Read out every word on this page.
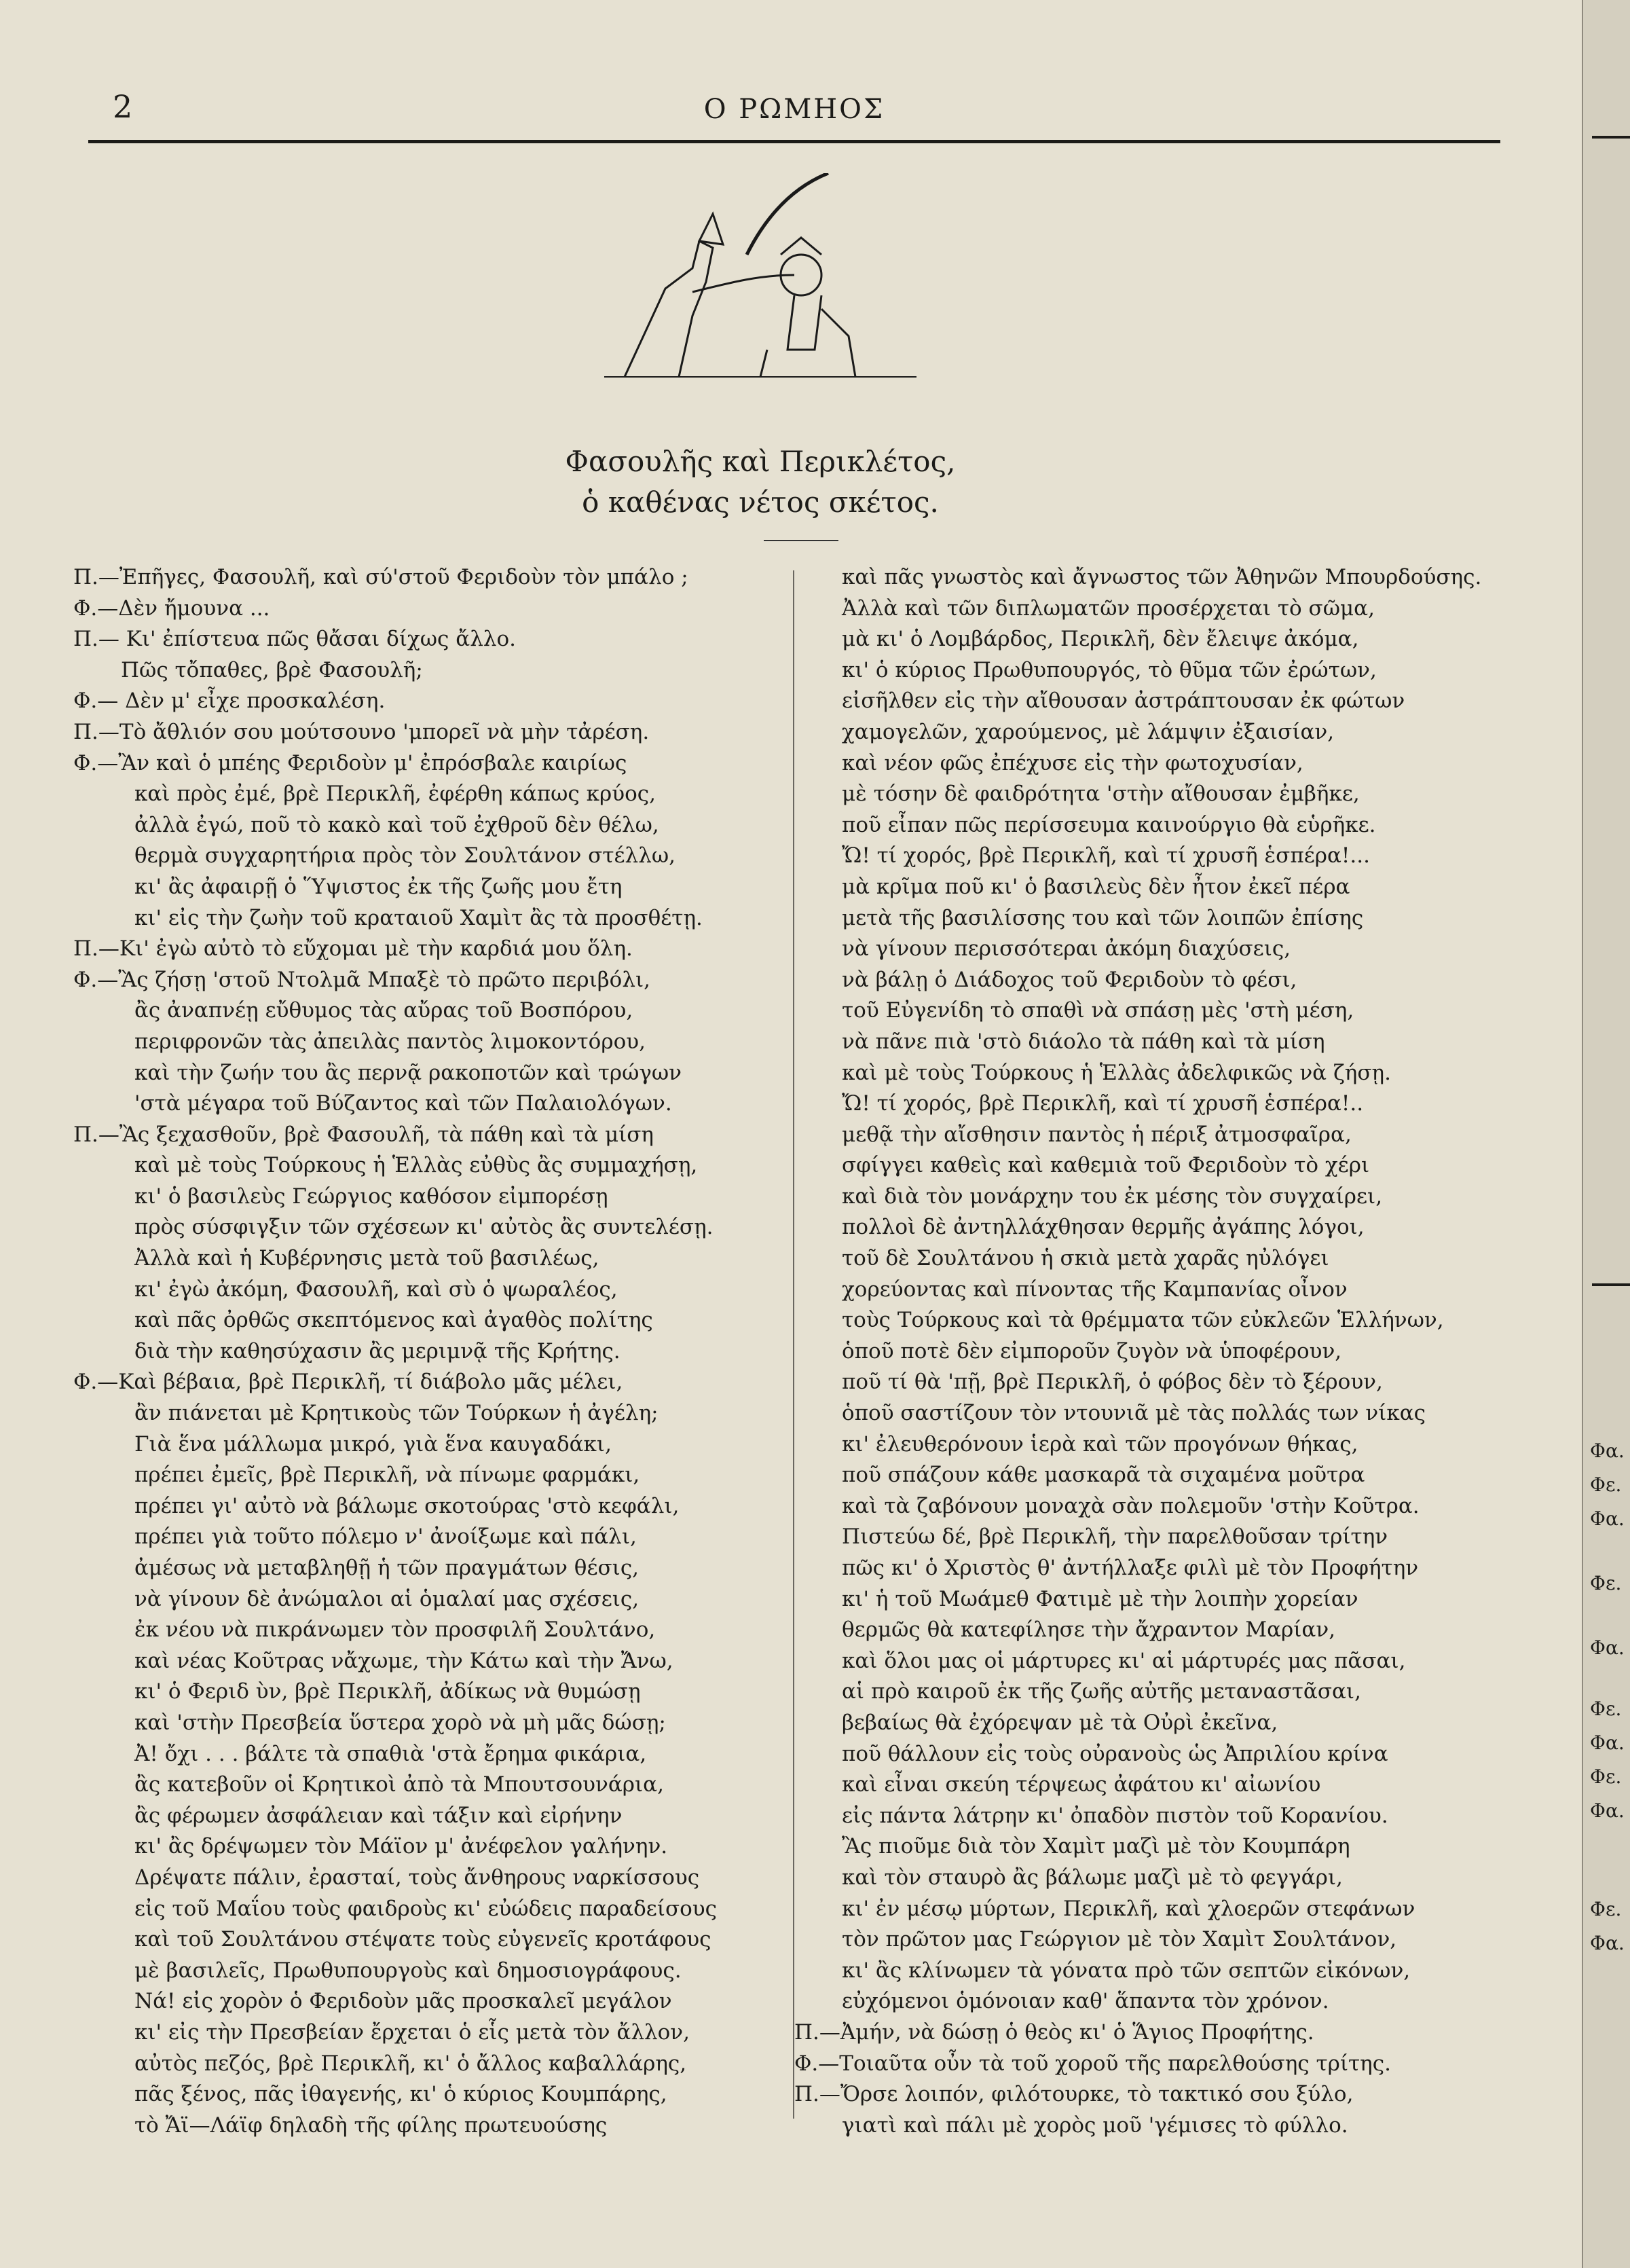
2	Ο ΡΩΜΗΟΣ
Φασουλῆς καὶ Περικλέτος,
ὁ καθένας νέτος σκέτος.
Π.—Ἐπῆγες, Φασουλῆ, καὶ σύ'στοῦ Φεριδοὺν τὸν μπάλο ;
Φ.—Δὲν ἤμουνα ...
Π.— Κι' ἐπίστευα πῶς θἄσαι δίχως ἄλλο.
Πῶς τὄπαθες, βρὲ Φασουλῆ;
Φ.— Δὲν μ' εἶχε προσκαλέση.
Π.—Τὸ ἄθλιόν σου μούτσουνο 'μπορεῖ νὰ μὴν τἀρέση.
Φ.—Ἂν καὶ ὁ μπέης Φεριδοὺν μ' ἐπρόσβαλε καιρίως
καὶ πρὸς ἐμέ, βρὲ Περικλῆ, ἐφέρθη κάπως κρύος,
ἀλλὰ ἐγώ, ποῦ τὸ κακὸ καὶ τοῦ ἐχθροῦ δὲν θέλω,
θερμὰ συγχαρητήρια πρὸς τὸν Σουλτάνον στέλλω,
κι' ἂς ἀφαιρῇ ὁ Ὕψιστος ἐκ τῆς ζωῆς μου ἔτη
κι' εἰς τὴν ζωὴν τοῦ κραταιοῦ Χαμὶτ ἂς τὰ προσθέτῃ.
Π.—Κι' ἐγὼ αὐτὸ τὸ εὔχομαι μὲ τὴν καρδιά μου ὅλη.
Φ.—Ἂς ζήσῃ 'στοῦ Ντολμᾶ Μπαξὲ τὸ πρῶτο περιβόλι,
ἂς ἀναπνέῃ εὔθυμος τὰς αὔρας τοῦ Βοσπόρου,
περιφρονῶν τὰς ἀπειλὰς παντὸς λιμοκοντόρου,
καὶ τὴν ζωήν του ἂς περνᾷ ρακοποτῶν καὶ τρώγων
'στὰ μέγαρα τοῦ Βύζαντος καὶ τῶν Παλαιολόγων.
Π.—Ἂς ξεχασθοῦν, βρὲ Φασουλῆ, τὰ πάθη καὶ τὰ μίση
καὶ μὲ τοὺς Τούρκους ἡ Ἑλλὰς εὐθὺς ἂς συμμαχήσῃ,
κι' ὁ βασιλεὺς Γεώργιος καθόσον εἰμπορέσῃ
πρὸς σύσφιγξιν τῶν σχέσεων κι' αὐτὸς ἂς συντελέσῃ.
Ἀλλὰ καὶ ἡ Κυβέρνησις μετὰ τοῦ βασιλέως,
κι' ἐγὼ ἀκόμη, Φασουλῆ, καὶ σὺ ὁ ψωραλέος,
καὶ πᾶς ὀρθῶς σκεπτόμενος καὶ ἀγαθὸς πολίτης
διὰ τὴν καθησύχασιν ἂς μεριμνᾷ τῆς Κρήτης.
Φ.—Καὶ βέβαια, βρὲ Περικλῆ, τί διάβολο μᾶς μέλει,
ἂν πιάνεται μὲ Κρητικοὺς τῶν Τούρκων ἡ ἀγέλη;
Γιὰ ἕνα μάλλωμα μικρό, γιὰ ἕνα καυγαδάκι,
πρέπει ἐμεῖς, βρὲ Περικλῆ, νὰ πίνωμε φαρμάκι,
πρέπει γι' αὐτὸ νὰ βάλωμε σκοτούρας 'στὸ κεφάλι,
πρέπει γιὰ τοῦτο πόλεμο ν' ἀνοίξωμε καὶ πάλι,
ἀμέσως νὰ μεταβληθῇ ἡ τῶν πραγμάτων θέσις,
νὰ γίνουν δὲ ἀνώμαλοι αἱ ὁμαλαί μας σχέσεις,
ἐκ νέου νὰ πικράνωμεν τὸν προσφιλῆ Σουλτάνο,
καὶ νέας Κοῦτρας νἄχωμε, τὴν Κάτω καὶ τὴν Ἄνω,
κι' ὁ Φεριδ ὺν, βρὲ Περικλῆ, ἀδίκως νὰ θυμώσῃ
καὶ 'στὴν Πρεσβεία ὕστερα χορὸ νὰ μὴ μᾶς δώσῃ;
Ἀ! ὄχι . . . βάλτε τὰ σπαθιὰ 'στὰ ἔρημα φικάρια,
ἂς κατεβοῦν οἱ Κρητικοὶ ἀπὸ τὰ Μπουτσουνάρια,
ἂς φέρωμεν ἀσφάλειαν καὶ τάξιν καὶ εἰρήνην
κι' ἂς δρέψωμεν τὸν Μάϊον μ' ἀνέφελον γαλήνην.
Δρέψατε πάλιν, ἐρασταί, τοὺς ἄνθηρους ναρκίσσους
εἰς τοῦ Μαΐου τοὺς φαιδροὺς κι' εὐώδεις παραδείσους
καὶ τοῦ Σουλτάνου στέψατε τοὺς εὐγενεῖς κροτάφους
μὲ βασιλεῖς, Πρωθυπουργοὺς καὶ δημοσιογράφους.
Νά! εἰς χορὸν ὁ Φεριδοὺν μᾶς προσκαλεῖ μεγάλον
κι' εἰς τὴν Πρεσβείαν ἔρχεται ὁ εἷς μετὰ τὸν ἄλλον,
αὐτὸς πεζός, βρὲ Περικλῆ, κι' ὁ ἄλλος καβαλλάρης,
πᾶς ξένος, πᾶς ἰθαγενής, κι' ὁ κύριος Κουμπάρης,
τὸ Ἄϊ—Λάϊφ δηλαδὴ τῆς φίλης πρωτευούσης
καὶ πᾶς γνωστὸς καὶ ἄγνωστος τῶν Ἀθηνῶν Μπουρδούσης.
Ἀλλὰ καὶ τῶν διπλωματῶν προσέρχεται τὸ σῶμα,
μὰ κι' ὁ Λομβάρδος, Περικλῆ, δὲν ἔλειψε ἀκόμα,
κι' ὁ κύριος Πρωθυπουργός, τὸ θῦμα τῶν ἐρώτων,
εἰσῆλθεν εἰς τὴν αἴθουσαν ἀστράπτουσαν ἐκ φώτων
χαμογελῶν, χαρούμενος, μὲ λάμψιν ἐξαισίαν,
καὶ νέον φῶς ἐπέχυσε εἰς τὴν φωτοχυσίαν,
μὲ τόσην δὲ φαιδρότητα 'στὴν αἴθουσαν ἐμβῆκε,
ποῦ εἶπαν πῶς περίσσευμα καινούργιο θὰ εὑρῆκε.
Ὤ! τί χορός, βρὲ Περικλῆ, καὶ τί χρυσῆ ἑσπέρα!...
μὰ κρῖμα ποῦ κι' ὁ βασιλεὺς δὲν ἦτον ἐκεῖ πέρα
μετὰ τῆς βασιλίσσης του καὶ τῶν λοιπῶν ἐπίσης
νὰ γίνουν περισσότεραι ἀκόμη διαχύσεις,
νὰ βάλῃ ὁ Διάδοχος τοῦ Φεριδοὺν τὸ φέσι,
τοῦ Εὐγενίδη τὸ σπαθὶ νὰ σπάσῃ μὲς 'στὴ μέση,
νὰ πᾶνε πιὰ 'στὸ διάολο τὰ πάθη καὶ τὰ μίση
καὶ μὲ τοὺς Τούρκους ἡ Ἑλλὰς ἀδελφικῶς νὰ ζήσῃ.
Ὤ! τί χορός, βρὲ Περικλῆ, καὶ τί χρυσῆ ἑσπέρα!..
μεθᾷ τὴν αἴσθησιν παντὸς ἡ πέριξ ἀτμοσφαῖρα,
σφίγγει καθεὶς καὶ καθεμιὰ τοῦ Φεριδοὺν τὸ χέρι
καὶ διὰ τὸν μονάρχην του ἐκ μέσης τὸν συγχαίρει,
πολλοὶ δὲ ἀντηλλάχθησαν θερμῆς ἀγάπης λόγοι,
τοῦ δὲ Σουλτάνου ἡ σκιὰ μετὰ χαρᾶς ηὐλόγει
χορεύοντας καὶ πίνοντας τῆς Καμπανίας οἶνον
τοὺς Τούρκους καὶ τὰ θρέμματα τῶν εὐκλεῶν Ἑλλήνων,
ὁποῦ ποτὲ δὲν εἰμποροῦν ζυγὸν νὰ ὑποφέρουν,
ποῦ τί θὰ 'πῇ, βρὲ Περικλῆ, ὁ φόβος δὲν τὸ ξέρουν,
ὁποῦ σαστίζουν τὸν ντουνιᾶ μὲ τὰς πολλάς των νίκας
κι' ἐλευθερόνουν ἱερὰ καὶ τῶν προγόνων θήκας,
ποῦ σπάζουν κάθε μασκαρᾶ τὰ σιχαμένα μοῦτρα
καὶ τὰ ζαβόνουν μοναχὰ σὰν πολεμοῦν 'στὴν Κοῦτρα.
Πιστεύω δέ, βρὲ Περικλῆ, τὴν παρελθοῦσαν τρίτην
πῶς κι' ὁ Χριστὸς θ' ἀντήλλαξε φιλὶ μὲ τὸν Προφήτην
κι' ἡ τοῦ Μωάμεθ Φατιμὲ μὲ τὴν λοιπὴν χορείαν
θερμῶς θὰ κατεφίλησε τὴν ἄχραντον Μαρίαν,
καὶ ὅλοι μας οἱ μάρτυρες κι' αἱ μάρτυρές μας πᾶσαι,
αἱ πρὸ καιροῦ ἐκ τῆς ζωῆς αὐτῆς μεταναστᾶσαι,
βεβαίως θὰ ἐχόρεψαν μὲ τὰ Οὐρὶ ἐκεῖνα,
ποῦ θάλλουν εἰς τοὺς οὐρανοὺς ὡς Ἀπριλίου κρίνα
καὶ εἶναι σκεύη τέρψεως ἀφάτου κι' αἰωνίου
εἰς πάντα λάτρην κι' ὀπαδὸν πιστὸν τοῦ Κορανίου.
Ἂς πιοῦμε διὰ τὸν Χαμὶτ μαζὶ μὲ τὸν Κουμπάρη
καὶ τὸν σταυρὸ ἂς βάλωμε μαζὶ μὲ τὸ φεγγάρι,
κι' ἐν μέσῳ μύρτων, Περικλῆ, καὶ χλοερῶν στεφάνων
τὸν πρῶτον μας Γεώργιον μὲ τὸν Χαμὶτ Σουλτάνον,
κι' ἂς κλίνωμεν τὰ γόνατα πρὸ τῶν σεπτῶν εἰκόνων,
εὐχόμενοι ὁμόνοιαν καθ' ἅπαντα τὸν χρόνον.
Π.—Ἀμήν, νὰ δώσῃ ὁ θεὸς κι' ὁ Ἅγιος Προφήτης.
Φ.—Τοιαῦτα οὖν τὰ τοῦ χοροῦ τῆς παρελθούσης τρίτης.
Π.—Ὄρσε λοιπόν, φιλότουρκε, τὸ τακτικό σου ξύλο,
γιατὶ καὶ πάλι μὲ χορὸς μοῦ 'γέμισες τὸ φύλλο.
Φα.
Φε.
Φα.
Φε.
Φα.
Φε.
Φα.
Φε.
Φα.
Φε.
Φα.
